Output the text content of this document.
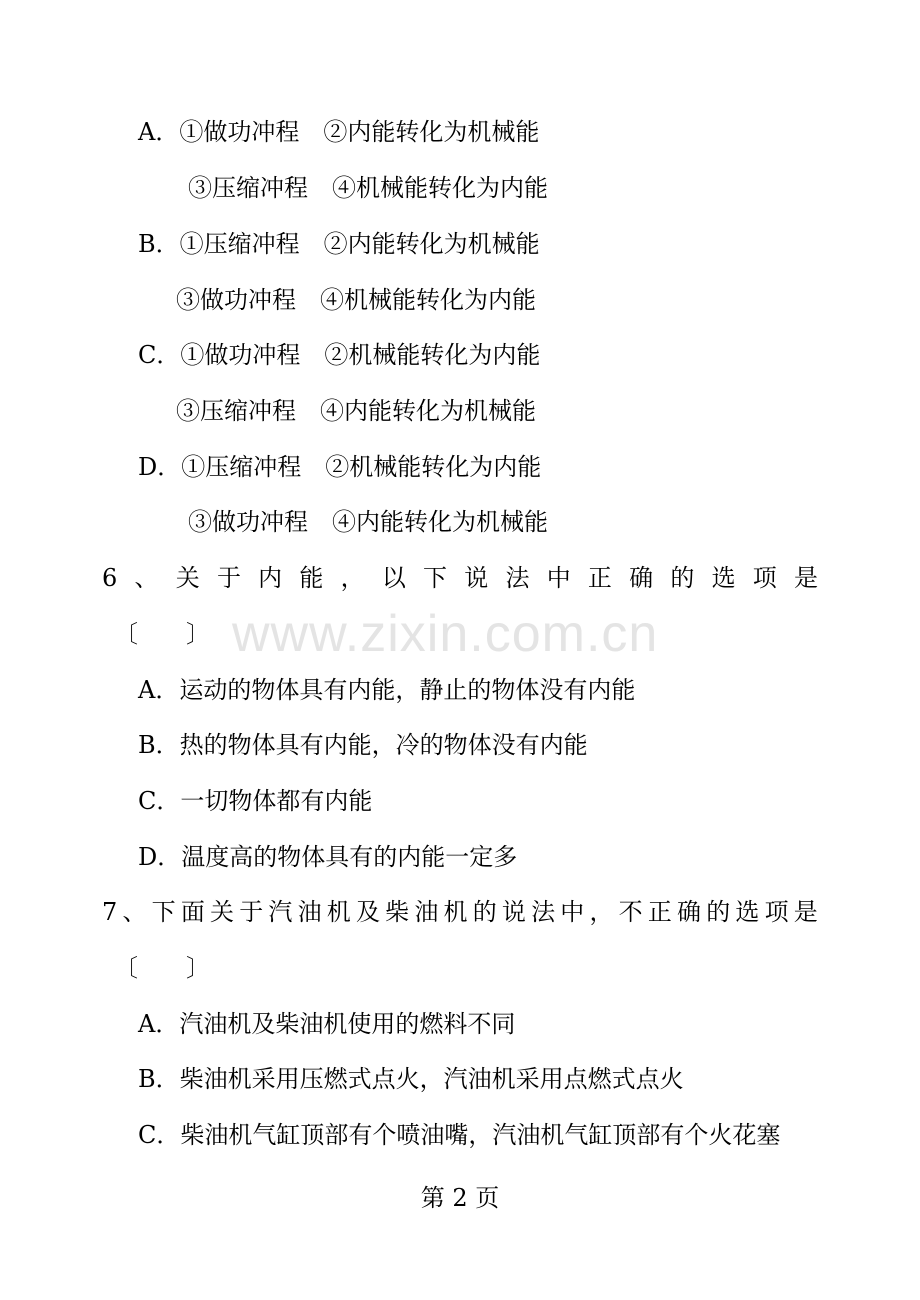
www.zixin.com.cn
A．①做功冲程　②内能转化为机械能
③压缩冲程　④机械能转化为内能
B．①压缩冲程　②内能转化为机械能
③做功冲程　④机械能转化为内能
C．①做功冲程　②机械能转化为内能
③压缩冲程　④内能转化为机械能
D．①压缩冲程　②机械能转化为内能
③做功冲程　④内能转化为机械能
6 、 关 于 内 能 ， 以 下 说 法 中 正 确 的 选 项 是
〔　　〕
A．运动的物体具有内能，静止的物体没有内能
B．热的物体具有内能，冷的物体没有内能
C．一切物体都有内能
D．温度高的物体具有的内能一定多
7 、 下 面 关 于 汽 油 机 及 柴 油 机 的 说 法 中 ， 不 正 确 的 选 项 是
〔　　〕
A．汽油机及柴油机使用的燃料不同
B．柴油机采用压燃式点火，汽油机采用点燃式点火
C．柴油机气缸顶部有个喷油嘴，汽油机气缸顶部有个火花塞
第 2 页
